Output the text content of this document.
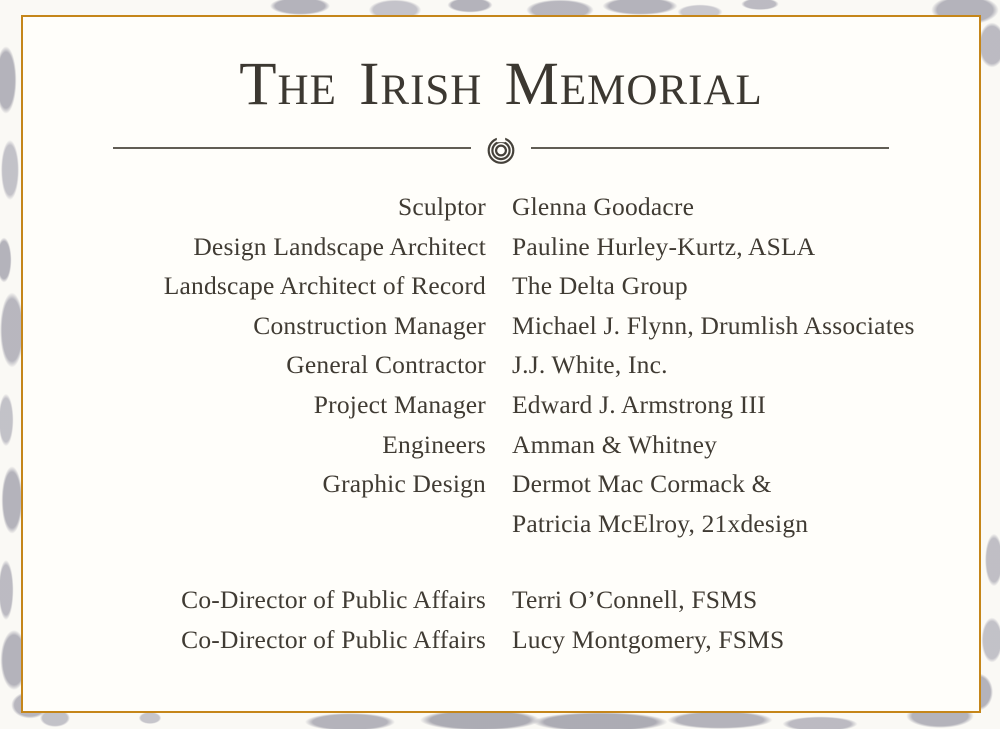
The Irish Memorial
Sculptor Glenna Goodacre
Design Landscape Architect Pauline Hurley-Kurtz, ASLA
Landscape Architect of Record The Delta Group
Construction Manager Michael J. Flynn, Drumlish Associates
General Contractor J.J. White, Inc.
Project Manager Edward J. Armstrong III
Engineers Amman & Whitney
Graphic Design Dermot Mac Cormack &
Patricia McElroy, 21xdesign
Co-Director of Public Affairs Terri O’Connell, FSMS
Co-Director of Public Affairs Lucy Montgomery, FSMS
